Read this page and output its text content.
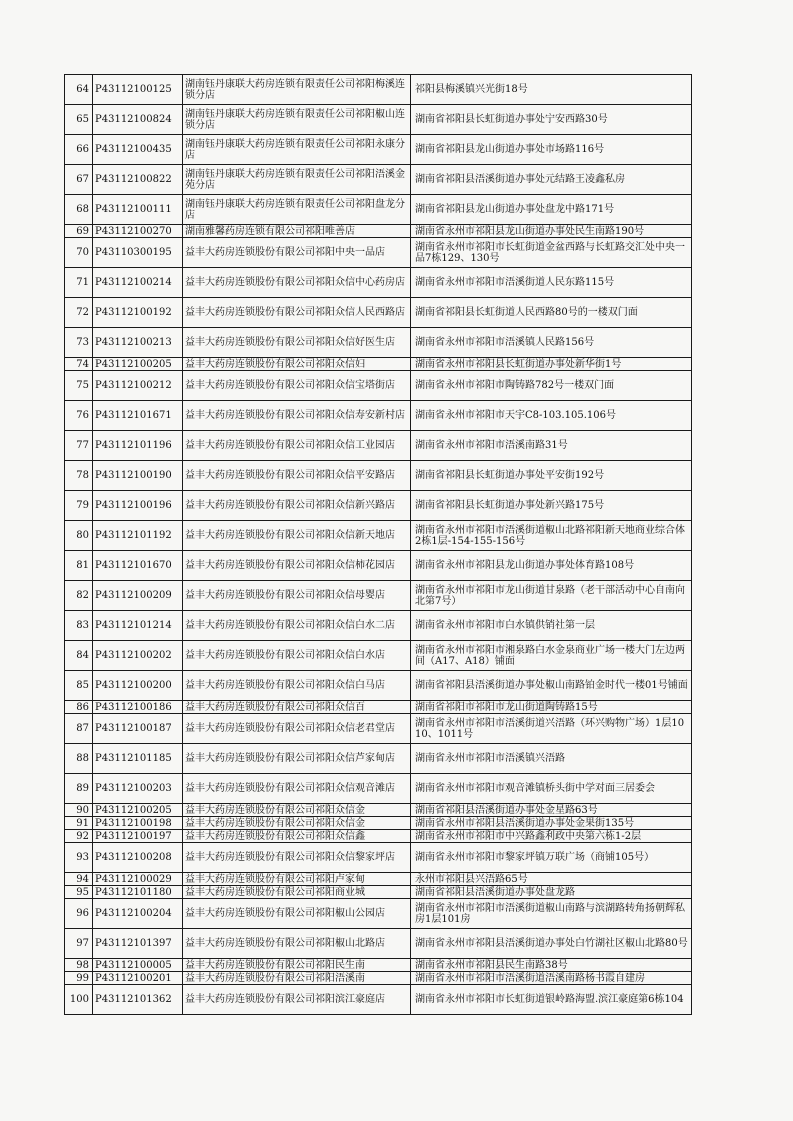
64	P43112100125	湖南钰丹康联大药房连锁有限责任公司祁阳梅溪连锁分店	祁阳县梅溪镇兴光街18号
65	P43112100824	湖南钰丹康联大药房连锁有限责任公司祁阳椒山连锁分店	湖南省祁阳县长虹街道办事处宁安西路30号
66	P43112100435	湖南钰丹康联大药房连锁有限责任公司祁阳永康分店	湖南省祁阳县龙山街道办事处市场路116号
67	P43112100822	湖南钰丹康联大药房连锁有限责任公司祁阳浯溪金苑分店	湖南省祁阳县浯溪街道办事处元结路王凌鑫私房
68	P43112100111	湖南钰丹康联大药房连锁有限责任公司祁阳盘龙分店	湖南省祁阳县龙山街道办事处盘龙中路171号
69	P43112100270	湖南雅馨药房连锁有限公司祁阳唯善店	湖南省永州市祁阳县龙山街道办事处民生南路190号
70	P43110300195	益丰大药房连锁股份有限公司祁阳中央一品店	湖南省永州市祁阳市长虹街道金盆西路与长虹路交汇处中央一品7栋129、130号
71	P43112100214	益丰大药房连锁股份有限公司祁阳众信中心药房店	湖南省永州市祁阳市浯溪街道人民东路115号
72	P43112100192	益丰大药房连锁股份有限公司祁阳众信人民西路店	湖南省祁阳县长虹街道人民西路80号的一楼双门面
73	P43112100213	益丰大药房连锁股份有限公司祁阳众信好医生店	湖南省永州市祁阳市浯溪镇人民路156号
74	P43112100205	益丰大药房连锁股份有限公司祁阳众信妇	湖南省永州市祁阳县长虹街道办事处新华街1号
75	P43112100212	益丰大药房连锁股份有限公司祁阳众信宝塔街店	湖南省永州市祁阳市陶铸路782号一楼双门面
76	P43112101671	益丰大药房连锁股份有限公司祁阳众信寿安新村店	湖南省永州市祁阳市天宇C8-103.105.106号
77	P43112101196	益丰大药房连锁股份有限公司祁阳众信工业园店	湖南省永州市祁阳市浯溪南路31号
78	P43112100190	益丰大药房连锁股份有限公司祁阳众信平安路店	湖南省祁阳县长虹街道办事处平安街192号
79	P43112100196	益丰大药房连锁股份有限公司祁阳众信新兴路店	湖南省祁阳县长虹街道办事处新兴路175号
80	P43112101192	益丰大药房连锁股份有限公司祁阳众信新天地店	湖南省永州市祁阳市浯溪街道椒山北路祁阳新天地商业综合体2栋1层-154-155-156号
81	P43112101670	益丰大药房连锁股份有限公司祁阳众信柿花园店	湖南省永州市祁阳县龙山街道办事处体育路108号
82	P43112100209	益丰大药房连锁股份有限公司祁阳众信母婴店	湖南省永州市祁阳市龙山街道甘泉路（老干部活动中心自南向北第7号）
83	P43112101214	益丰大药房连锁股份有限公司祁阳众信白水二店	湖南省永州市祁阳市白水镇供销社第一层
84	P43112100202	益丰大药房连锁股份有限公司祁阳众信白水店	湖南省永州市祁阳市湘泉路白水金泉商业广场一楼大门左边两间（A17、A18）铺面
85	P43112100200	益丰大药房连锁股份有限公司祁阳众信白马店	湖南省祁阳县浯溪街道办事处椒山南路铂金时代一楼01号铺面
86	P43112100186	益丰大药房连锁股份有限公司祁阳众信百	湖南省祁阳市祁阳市龙山街道陶铸路15号
87	P43112100187	益丰大药房连锁股份有限公司祁阳众信老君堂店	湖南省永州市祁阳市浯溪街道兴浯路（环兴购物广场）1层1010、1011号
88	P43112101185	益丰大药房连锁股份有限公司祁阳众信芦家甸店	湖南省永州市祁阳市浯溪镇兴浯路
89	P43112100203	益丰大药房连锁股份有限公司祁阳众信观音滩店	湖南省永州市祁阳市观音滩镇桥头街中学对面三居委会
90	P43112100205	益丰大药房连锁股份有限公司祁阳众信金	湖南省祁阳县浯溪街道办事处金星路63号
91	P43112100198	益丰大药房连锁股份有限公司祁阳众信金	湖南省永州市祁阳县浯溪街道办事处金果街135号
92	P43112100197	益丰大药房连锁股份有限公司祁阳众信鑫	湖南省永州市祁阳市中兴路鑫利政中央第六栋1-2层
93	P43112100208	益丰大药房连锁股份有限公司祁阳众信黎家坪店	湖南省永州市祁阳市黎家坪镇万联广场（商铺105号）
94	P43112100029	益丰大药房连锁股份有限公司祁阳卢家甸	永州市祁阳县兴浯路65号
95	P43112101180	益丰大药房连锁股份有限公司祁阳商业城	湖南省祁阳县浯溪街道办事处盘龙路
96	P43112100204	益丰大药房连锁股份有限公司祁阳椒山公园店	湖南省永州市祁阳市浯溪街道椒山南路与滨湖路转角扬朝辉私房1层101房
97	P43112101397	益丰大药房连锁股份有限公司祁阳椒山北路店	湖南省永州市祁阳县浯溪街道办事处白竹湖社区椒山北路80号
98	P43112100005	益丰大药房连锁股份有限公司祁阳民生南	湖南省永州市祁阳县民生南路38号
99	P43112100201	益丰大药房连锁股份有限公司祁阳浯溪南	湖南省永州市祁阳市浯溪街道浯溪南路杨书霞自建房
100	P43112101362	益丰大药房连锁股份有限公司祁阳滨江豪庭店	湖南省永州市祁阳市长虹街道银岭路海盟.滨江豪庭第6栋104
